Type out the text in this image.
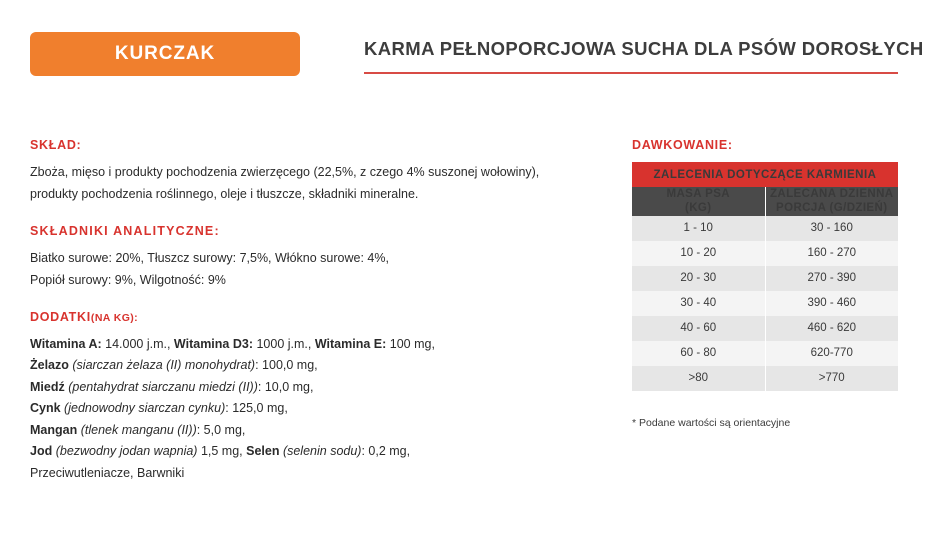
KURCZAK	KARMA PEŁNOPORCJOWA SUCHA DLA PSÓW DOROSŁYCH
SKŁAD:

Zboża, mięso i produkty pochodzenia zwierzęcego (22,5%, z czego 4% suszonej wołowiny), produkty pochodzenia roślinnego, oleje i tłuszcze, składniki mineralne.

SKŁADNIKI ANALITYCZNE:

Biatko surowe: 20%, Tłuszcz surowy: 7,5%, Włókno surowe: 4%,

Popiół surowy: 9%, Wilgotność: 9%

DODATKI(NA KG):
Witamina A: 14.000 j.m., Witamina D3: 1000 j.m., Witamina E: 100 mg,
Żelazo (siarczan żelaza (II) monohydrat): 100,0 mg,
Miedź (pentahydrat siarczanu miedzi (II)): 10,0 mg,
Cynk (jednowodny siarczan cynku): 125,0 mg,
Mangan (tlenek manganu (II)): 5,0 mg,
Jod (bezwodny jodan wapnia) 1,5 mg, Selen (selenin sodu): 0,2 mg,
Przeciwutleniacze, Barwniki
DAWKOWANIE:
ZALECENIA DOTYCZĄCE KARMIENIA	
MASA PSA
(KG)	ZALECANA DZIENNA
PORCJA (G/DZIEŃ)
1 - 10	30 - 160
10 - 20	160 - 270
20 - 30	270 - 390
30 - 40	390 - 460
40 - 60	460 - 620
60 - 80	620-770
>80	>770
* Podane wartości są orientacyjne
